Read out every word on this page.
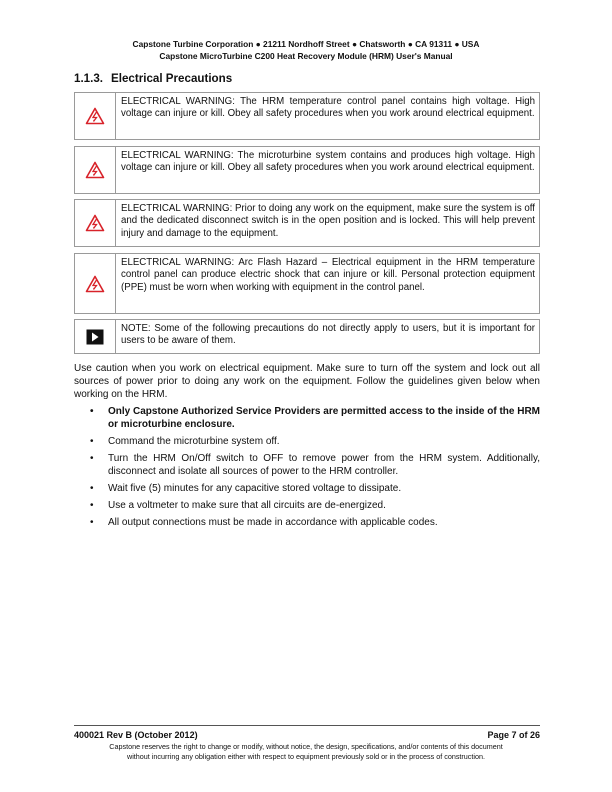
Capstone Turbine Corporation ● 21211 Nordhoff Street ● Chatsworth ● CA 91311 ● USA
Capstone MicroTurbine C200 Heat Recovery Module (HRM) User's Manual
1.1.3. Electrical Precautions
ELECTRICAL WARNING: The HRM temperature control panel contains high voltage. High voltage can injure or kill. Obey all safety procedures when you work around electrical equipment.
ELECTRICAL WARNING: The microturbine system contains and produces high voltage. High voltage can injure or kill. Obey all safety procedures when you work around electrical equipment.
ELECTRICAL WARNING: Prior to doing any work on the equipment, make sure the system is off and the dedicated disconnect switch is in the open position and is locked. This will help prevent injury and damage to the equipment.
ELECTRICAL WARNING: Arc Flash Hazard – Electrical equipment in the HRM temperature control panel can produce electric shock that can injure or kill. Personal protection equipment (PPE) must be worn when working with equipment in the control panel.
NOTE: Some of the following precautions do not directly apply to users, but it is important for users to be aware of them.

Use caution when you work on electrical equipment. Make sure to turn off the system and lock out all sources of power prior to doing any work on the equipment. Follow the guidelines given below when working on the HRM.

• Only Capstone Authorized Service Providers are permitted access to the inside of the HRM or microturbine enclosure.
• Command the microturbine system off.
• Turn the HRM On/Off switch to OFF to remove power from the HRM system. Additionally, disconnect and isolate all sources of power to the HRM controller.
• Wait five (5) minutes for any capacitive stored voltage to dissipate.
• Use a voltmeter to make sure that all circuits are de-energized.
• All output connections must be made in accordance with applicable codes.
400021 Rev B (October 2012)	Page 7 of 26
Capstone reserves the right to change or modify, without notice, the design, specifications, and/or contents of this document
without incurring any obligation either with respect to equipment previously sold or in the process of construction.
